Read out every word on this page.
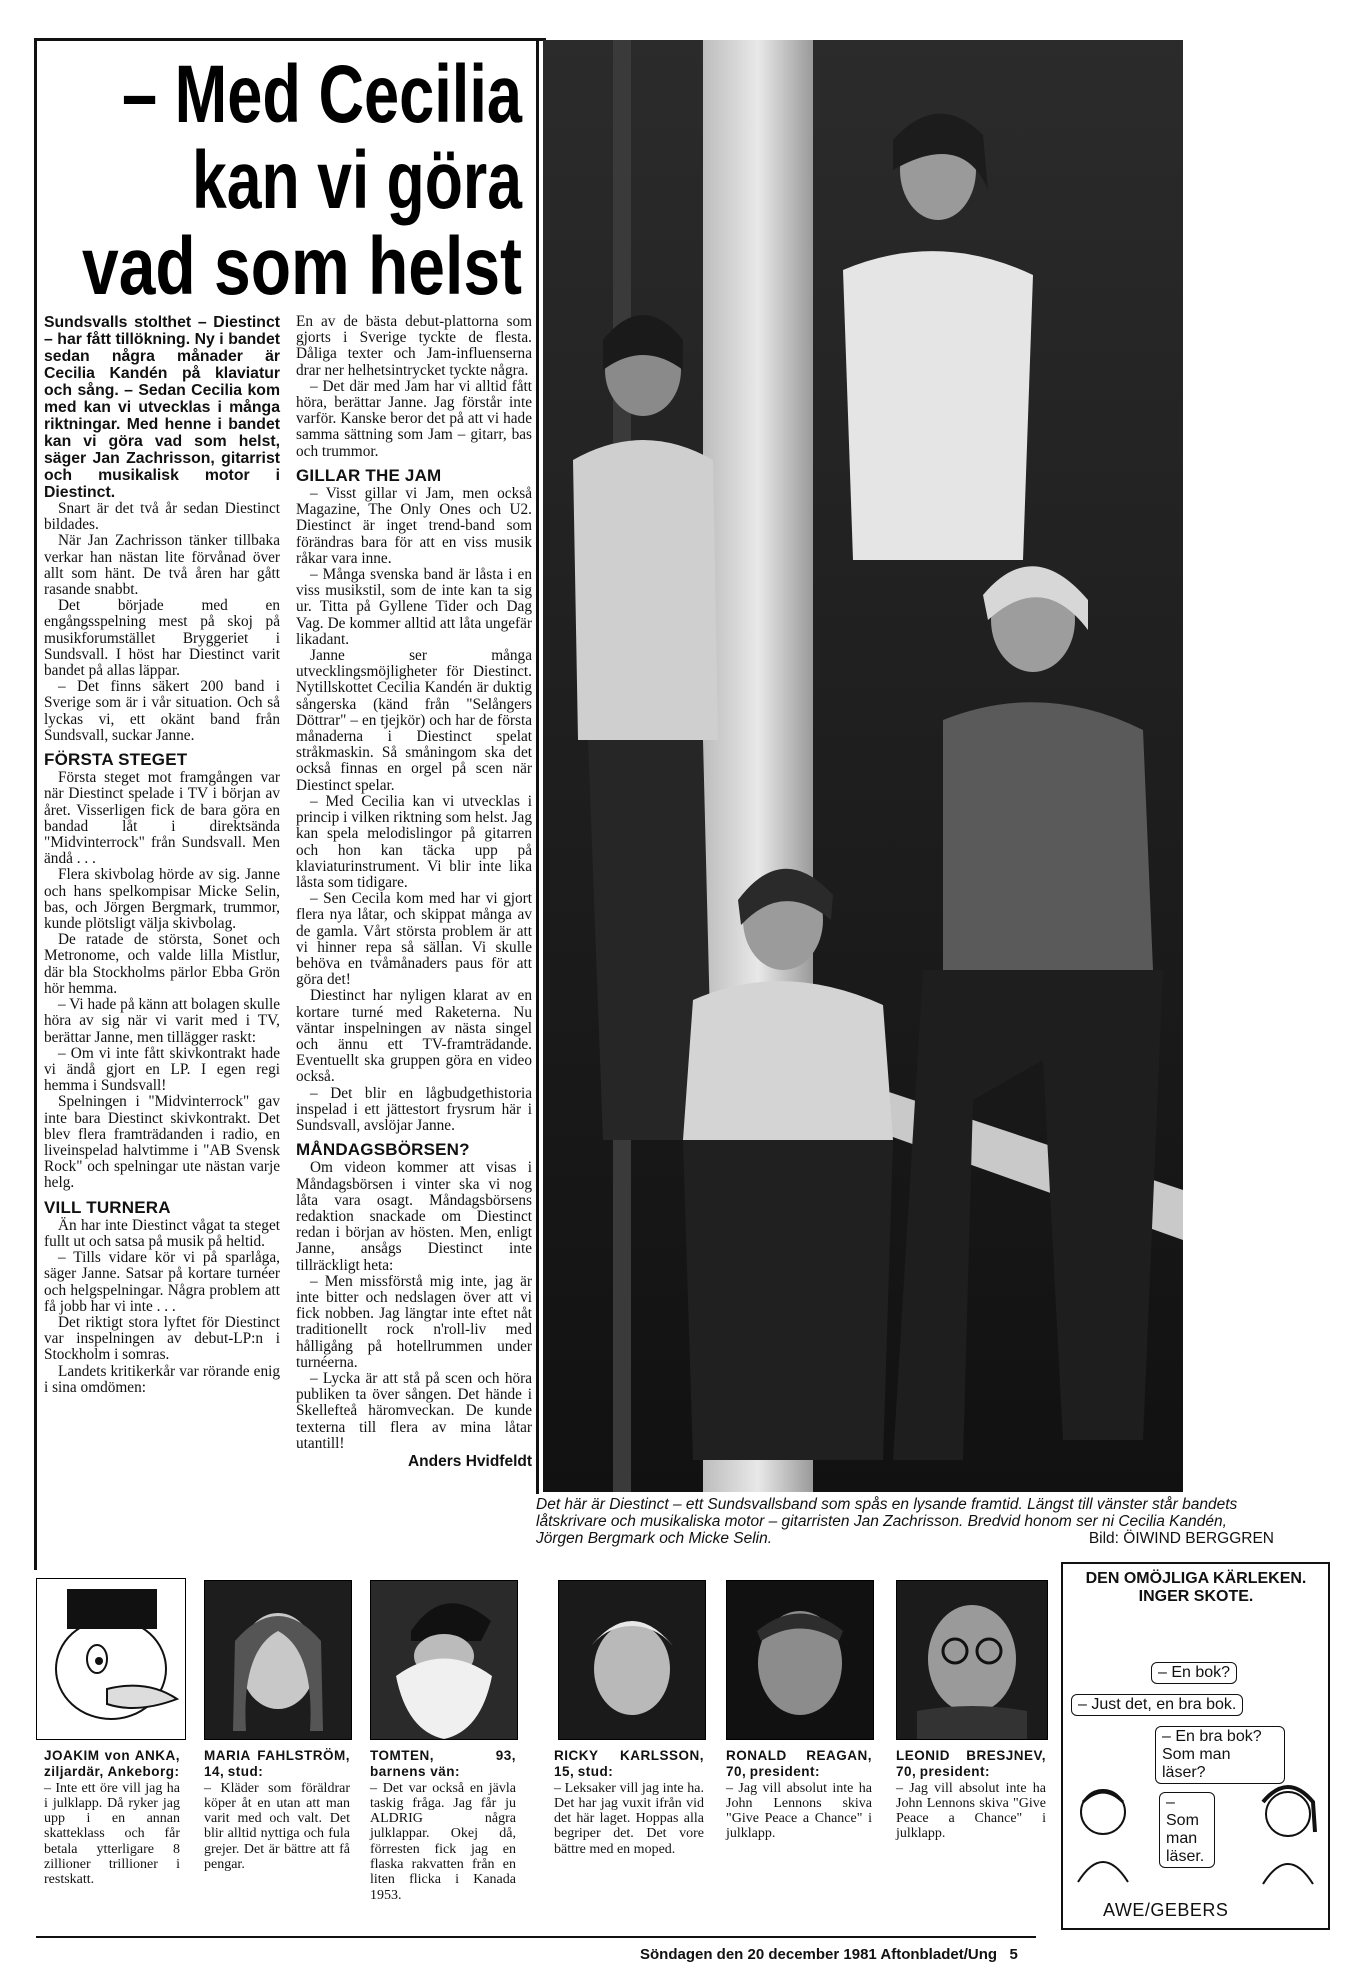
– Med Cecilia
kan vi göra
vad som helst

Sundsvalls stolthet – Diestinct – har fått tillökning. Ny i bandet sedan några månader är Cecilia Kandén på klaviatur och sång. – Sedan Cecilia kom med kan vi utvecklas i många riktningar. Med henne i bandet kan vi göra vad som helst, säger Jan Zachrisson, gitarrist och musikalisk motor i Diestinct.

Snart är det två år sedan Diestinct bildades.

När Jan Zachrisson tänker tillbaka verkar han nästan lite förvånad över allt som hänt. De två åren har gått rasande snabbt.

Det började med en engångsspelning mest på skoj på musikforumstället Bryggeriet i Sundsvall. I höst har Diestinct varit bandet på allas läppar.

– Det finns säkert 200 band i Sverige som är i vår situation. Och så lyckas vi, ett okänt band från Sundsvall, suckar Janne.

FÖRSTA STEGET

Första steget mot framgången var när Diestinct spelade i TV i början av året. Visserligen fick de bara göra en bandad låt i direktsända "Midvinterrock" från Sundsvall. Men ändå . . .

Flera skivbolag hörde av sig. Janne och hans spelkompisar Micke Selin, bas, och Jörgen Bergmark, trummor, kunde plötsligt välja skivbolag.

De ratade de största, Sonet och Metronome, och valde lilla Mistlur, där bla Stockholms pärlor Ebba Grön hör hemma.

– Vi hade på känn att bolagen skulle höra av sig när vi varit med i TV, berättar Janne, men tillägger raskt:

– Om vi inte fått skivkontrakt hade vi ändå gjort en LP. I egen regi hemma i Sundsvall!

Spelningen i "Midvinterrock" gav inte bara Diestinct skivkontrakt. Det blev flera framträdanden i radio, en liveinspelad halvtimme i "AB Svensk Rock" och spelningar ute nästan varje helg.

VILL TURNERA

Än har inte Diestinct vågat ta steget fullt ut och satsa på musik på heltid.

– Tills vidare kör vi på sparlåga, säger Janne. Satsar på kortare turnéer och helgspelningar. Några problem att få jobb har vi inte . . .

Det riktigt stora lyftet för Diestinct var inspelningen av debut-LP:n i Stockholm i somras.

Landets kritikerkår var rörande enig i sina omdömen:

En av de bästa debut-plattorna som gjorts i Sverige tyckte de flesta. Dåliga texter och Jam-influenserna drar ner helhetsintrycket tyckte några.

– Det där med Jam har vi alltid fått höra, berättar Janne. Jag förstår inte varför. Kanske beror det på att vi hade samma sättning som Jam – gitarr, bas och trummor.

GILLAR THE JAM

– Visst gillar vi Jam, men också Magazine, The Only Ones och U2. Diestinct är inget trend-band som förändras bara för att en viss musik råkar vara inne.

– Många svenska band är låsta i en viss musikstil, som de inte kan ta sig ur. Titta på Gyllene Tider och Dag Vag. De kommer alltid att låta ungefär likadant.

Janne ser många utvecklingsmöjligheter för Diestinct. Nytillskottet Cecilia Kandén är duktig sångerska (känd från "Selångers Döttrar" – en tjejkör) och har de första månaderna i Diestinct spelat stråkmaskin. Så småningom ska det också finnas en orgel på scen när Diestinct spelar.

– Med Cecilia kan vi utvecklas i princip i vilken riktning som helst. Jag kan spela melodislingor på gitarren och hon kan täcka upp på klaviaturinstrument. Vi blir inte lika låsta som tidigare.

– Sen Cecila kom med har vi gjort flera nya låtar, och skippat många av de gamla. Vårt största problem är att vi hinner repa så sällan. Vi skulle behöva en tvåmånaders paus för att göra det!

Diestinct har nyligen klarat av en kortare turné med Raketerna. Nu väntar inspelningen av nästa singel och ännu ett TV-framträdande. Eventuellt ska gruppen göra en video också.

– Det blir en lågbudgethistoria inspelad i ett jättestort frysrum här i Sundsvall, avslöjar Janne.

MÅNDAGSBÖRSEN?

Om videon kommer att visas i Måndagsbörsen i vinter ska vi nog låta vara osagt. Måndagsbörsens redaktion snackade om Diestinct redan i början av hösten. Men, enligt Janne, ansågs Diestinct inte tillräckligt heta:

– Men missförstå mig inte, jag är inte bitter och nedslagen över att vi fick nobben. Jag längtar inte eftet nåt traditionellt rock n'roll-liv med hålligång på hotellrummen under turnéerna.

– Lycka är att stå på scen och höra publiken ta över sången. Det hände i Skellefteå häromveckan. De kunde texterna till flera av mina låtar utantill!

Anders Hvidfeldt

Det här är Diestinct – ett Sundsvallsband som spås en lysande framtid. Längst till vänster står bandets låtskrivare och musikaliska motor – gitarristen Jan Zachrisson. Bredvid honom ser ni Cecilia Kandén, Jörgen Bergmark och Micke Selin.	Bild: ÖIWIND BERGGREN
JOAKIM von ANKA, ziljardär, Ankeborg:
– Inte ett öre vill jag ha i julklapp. Då ryker jag upp i en annan skatteklass och får betala ytterligare 8 zillioner trillioner i restskatt.
MARIA FAHLSTRÖM, 14, stud:
– Kläder som föräldrar köper åt en utan att man varit med och valt. Det blir alltid nyttiga och fula grejer. Det är bättre att få pengar.
TOMTEN, 93, barnens vän:
– Det var också en jävla taskig fråga. Jag får ju ALDRIG några julklappar. Okej då, förresten fick jag en flaska rakvatten från en liten flicka i Kanada 1953.
RICKY KARLSSON, 15, stud:
– Leksaker vill jag inte ha. Det har jag vuxit ifrån vid det här laget. Hoppas alla begriper det. Det vore bättre med en moped.
RONALD REAGAN, 70, president:
– Jag vill absolut inte ha John Lennons skiva "Give Peace a Chance" i julklapp.
LEONID BRESJNEV, 70, president:
– Jag vill absolut inte ha John Lennons skiva "Give Peace a Chance" i julklapp.
DEN OMÖJLIGA KÄRLEKEN. INGER SKOTE.
– En bok?
– Just det, en bra bok.
– En bra bok? Som man läser?
– Som man läser.
AWE/GEBERS
Söndagen den 20 december 1981 Aftonbladet/Ung   5
